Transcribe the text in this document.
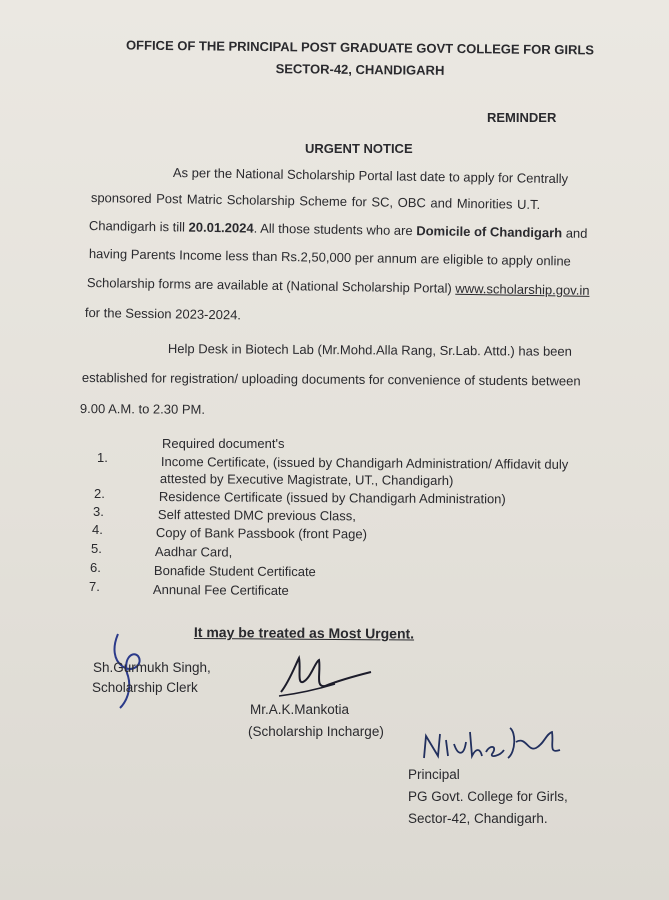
OFFICE OF THE PRINCIPAL POST GRADUATE GOVT COLLEGE FOR GIRLS
SECTOR-42, CHANDIGARH
REMINDER
URGENT NOTICE
As per the National Scholarship Portal last date to apply for Centrally
sponsored Post Matric Scholarship Scheme for SC, OBC and Minorities U.T.
Chandigarh is till 20.01.2024. All those students who are Domicile of Chandigarh and
having Parents Income less than Rs.2,50,000 per annum are eligible to apply online
Scholarship forms are available at (National Scholarship Portal) www.scholarship.gov.in
for the Session 2023-2024.
Help Desk in Biotech Lab (Mr.Mohd.Alla Rang, Sr.Lab. Attd.) has been
established for registration/ uploading documents for convenience of students between
9.00 A.M. to 2.30 PM.
Required document's
1.	Income Certificate, (issued by Chandigarh Administration/ Affidavit duly
attested by Executive Magistrate, UT., Chandigarh)
2.	Residence Certificate (issued by Chandigarh Administration)
3.	Self attested DMC previous Class,
4.	Copy of Bank Passbook (front Page)
5.	Aadhar Card,
6.	Bonafide Student Certificate
7.	Annunal Fee Certificate
It may be treated as Most Urgent.
Sh.Gurmukh Singh,
Scholarship Clerk
Mr.A.K.Mankotia
(Scholarship Incharge)
Principal
PG Govt. College for Girls,
Sector-42, Chandigarh.
